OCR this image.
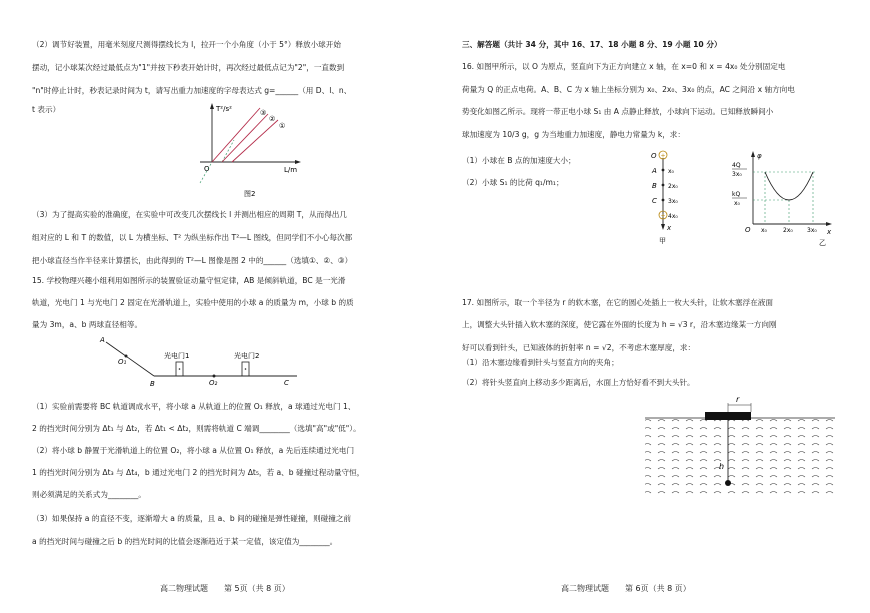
（2）调节好装置，用毫米刻度尺测得摆线长为 l，拉开一个小角度（小于 5°）释放小球开始
摆动，记小球某次经过最低点为"1"并按下秒表开始计时，再次经过最低点记为"2"，一直数到
"n"时停止计时，秒表记录时间为 t，请写出重力加速度的字母表达式 g=______（用 D、l、n、
t 表示）	T²/s²
L/m
O
③
②
①
图2
（3）为了提高实验的准确度，在实验中可改变几次摆线长 l 并测出相应的周期 T，从而得出几
组对应的 L 和 T 的数值，以 L 为横坐标、T² 为纵坐标作出 T²—L 图线，但同学们不小心每次都
把小球直径当作半径来计算摆长，由此得到的 T²—L 图像是图 2 中的______（选填①、②、③）
15. 学校物理兴趣小组利用如图所示的装置验证动量守恒定律，AB 是倾斜轨道，BC 是一光滑
轨道，光电门 1 与光电门 2 固定在光滑轨道上，实验中使用的小球 a 的质量为 m，小球 b 的质
量为 3m，a、b 两球直径相等。
A
B	C
O₁
O₂
光电门1	光电门2
（1）实验前需要将 BC 轨道调成水平，将小球 a 从轨道上的位置 O₁ 释放，a 球通过光电门 1、
2 的挡光时间分别为 Δt₁ 与 Δt₂，若 Δt₁ < Δt₂，则需将轨道 C 端调________（选填"高"或"低"）。
（2）将小球 b 静置于光滑轨道上的位置 O₂，将小球 a 从位置 O₁ 释放，a 先后连续通过光电门
1 的挡光时间分别为 Δt₃ 与 Δt₄，b 通过光电门 2 的挡光时间为 Δt₅，若 a、b 碰撞过程动量守恒，
则必须满足的关系式为________。
（3）如果保持 a 的直径不变，逐渐增大 a 的质量，且 a、b 间的碰撞是弹性碰撞，则碰撞之前
a 的挡光时间与碰撞之后 b 的挡光时间的比值会逐渐趋近于某一定值，该定值为________。
高二物理试题　　第 5页（共 8 页）
三、解答题（共计 34 分，其中 16、17、18 小题 8 分、19 小题 10 分）
16. 如图甲所示，以 O 为原点，竖直向下为正方向建立 x 轴，在 x=0 和 x = 4x₀ 处分别固定电
荷量为 Q 的正点电荷。A、B、C 为 x 轴上坐标分别为 x₀、2x₀、3x₀ 的点，AC 之间沿 x 轴方向电
势变化如图乙所示。现将一带正电小球 S₁ 由 A 点静止释放，小球向下运动。已知释放瞬间小
球加速度为 10/3 g，g 为当地重力加速度，静电力常量为 k，求：
（1）小球在 B 点的加速度大小；
（2）小球 S₁ 的比荷 q₁/m₁；
+
+
O
A
B
C
x₀
2x₀
3x₀
4x₀
x
甲
φ
4Q
3x₀
kQ
x₀
O x₀	2x₀ 3x₀ x
乙
17. 如图所示，取一个半径为 r 的软木塞，在它的圆心处插上一枚大头针，让软木塞浮在液面
上，调整大头针插入软木塞的深度，使它露在外面的长度为 h = √3 r，沿木塞边缘某一方向刚
好可以看到针头，已知液体的折射率 n = √2，不考虑木塞厚度，求：
（1）沿木塞边缘看到针头与竖直方向的夹角；
（2）将针头竖直向上移动多少距离后，水面上方恰好看不到大头针。
r
h
高二物理试题　　第 6页（共 8 页）
